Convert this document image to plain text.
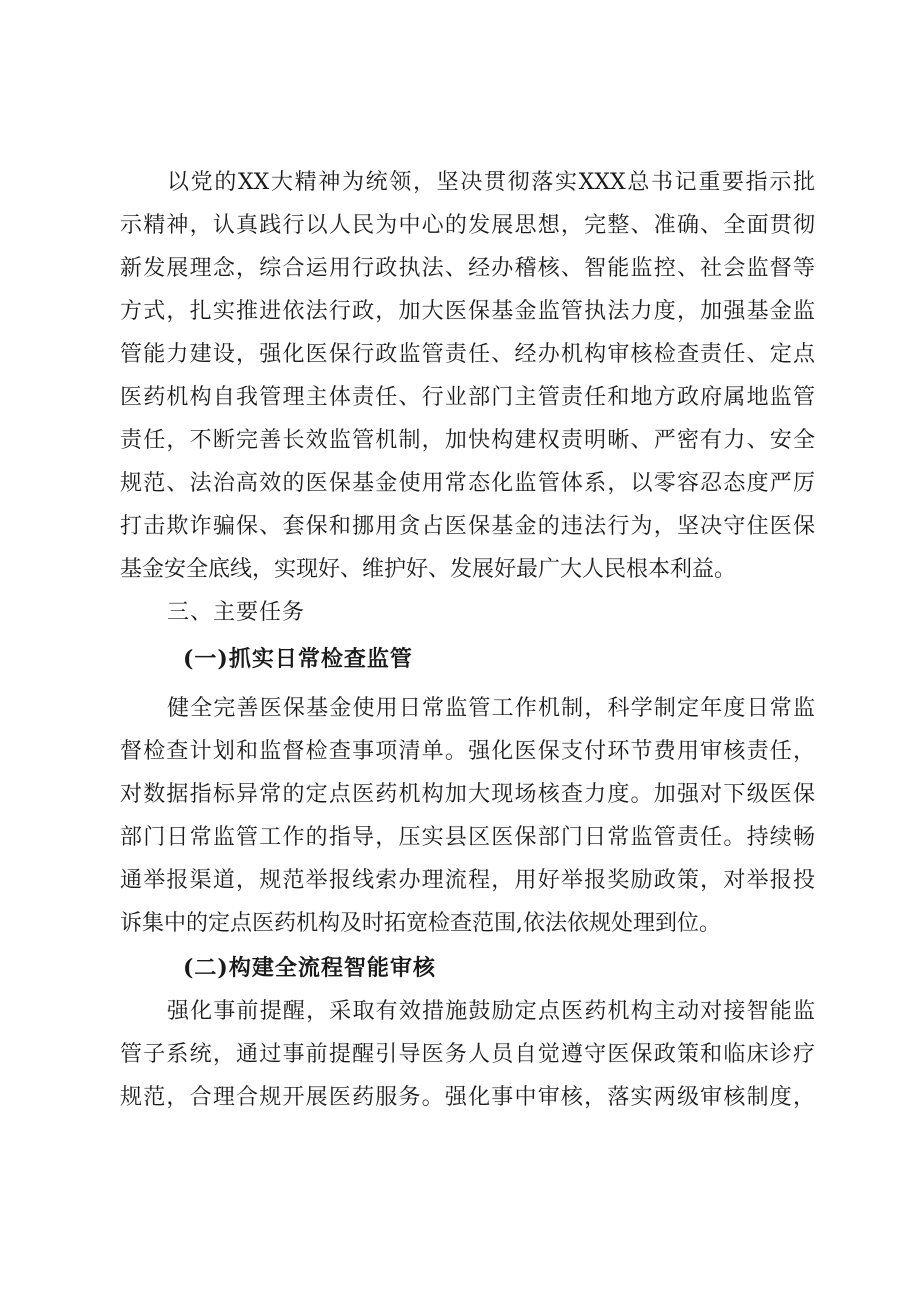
以党的XX大精神为统领，坚决贯彻落实XXX总书记重要指示批
示精神，认真践行以人民为中心的发展思想，完整、准确、全面贯彻
新发展理念，综合运用行政执法、经办稽核、智能监控、社会监督等
方式，扎实推进依法行政，加大医保基金监管执法力度，加强基金监
管能力建设，强化医保行政监管责任、经办机构审核检查责任、定点
医药机构自我管理主体责任、行业部门主管责任和地方政府属地监管
责任，不断完善长效监管机制，加快构建权责明晰、严密有力、安全
规范、法治高效的医保基金使用常态化监管体系，以零容忍态度严厉
打击欺诈骗保、套保和挪用贪占医保基金的违法行为，坚决守住医保
基金安全底线，实现好、维护好、发展好最广大人民根本利益。
三、主要任务
(一)抓实日常检查监管
健全完善医保基金使用日常监管工作机制，科学制定年度日常监
督检查计划和监督检查事项清单。强化医保支付环节费用审核责任，
对数据指标异常的定点医药机构加大现场核查力度。加强对下级医保
部门日常监管工作的指导，压实县区医保部门日常监管责任。持续畅
通举报渠道，规范举报线索办理流程，用好举报奖励政策，对举报投
诉集中的定点医药机构及时拓宽检查范围,依法依规处理到位。
(二)构建全流程智能审核
强化事前提醒，采取有效措施鼓励定点医药机构主动对接智能监
管子系统，通过事前提醒引导医务人员自觉遵守医保政策和临床诊疗
规范，合理合规开展医药服务。强化事中审核，落实两级审核制度，
